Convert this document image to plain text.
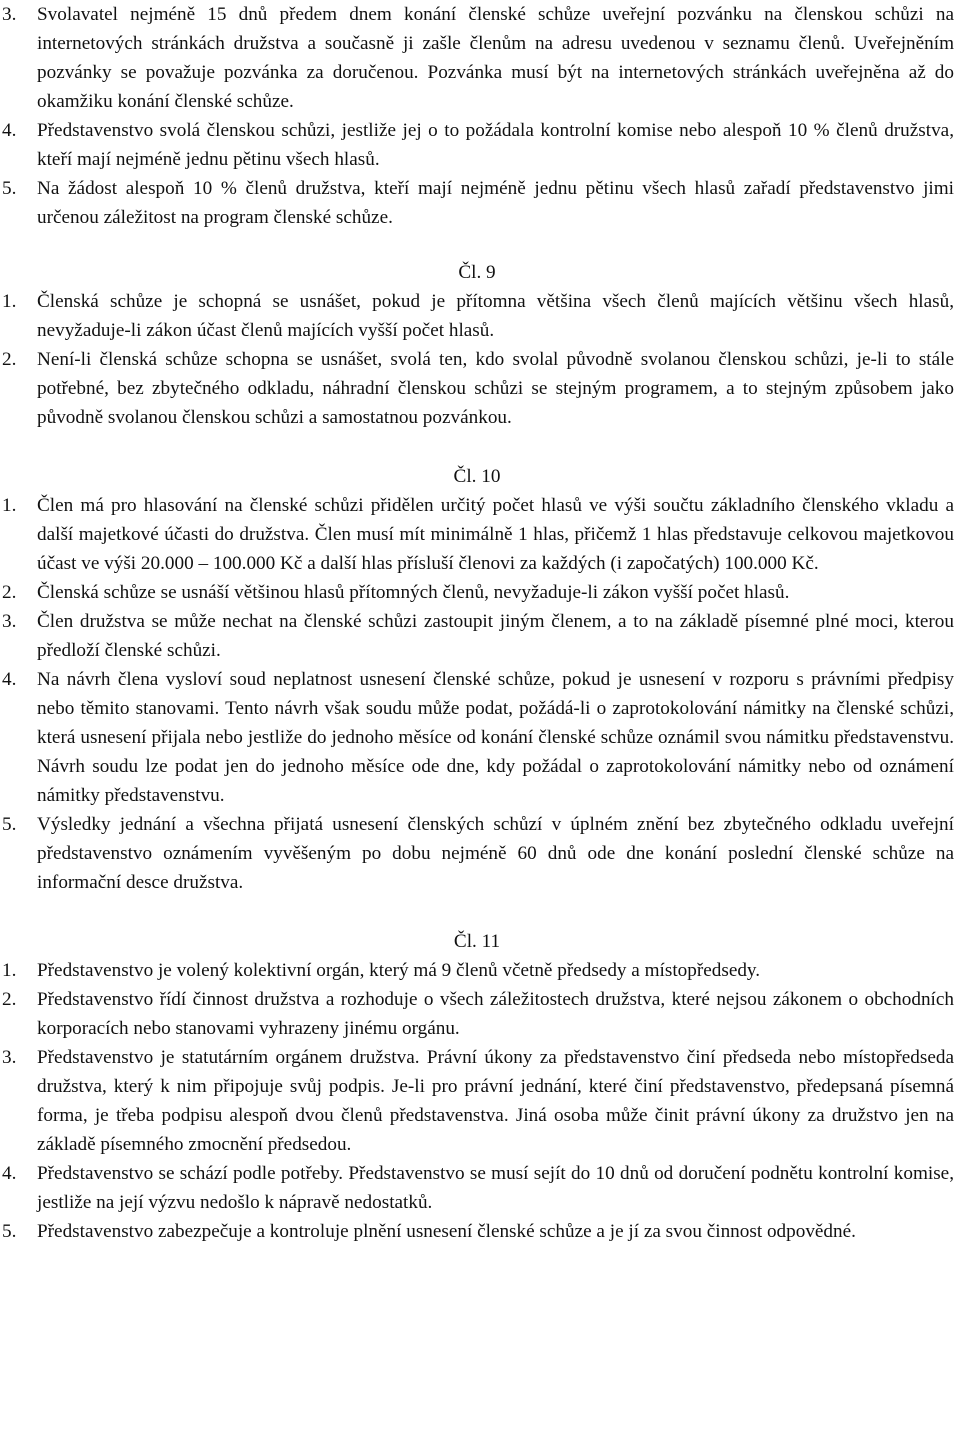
3.	Svolavatel nejméně 15 dnů předem dnem konání členské schůze uveřejní pozvánku na členskou schůzi na internetových stránkách družstva a současně ji zašle členům na adresu uvedenou v seznamu členů. Uveřejněním pozvánky se považuje pozvánka za doručenou. Pozvánka musí být na internetových stránkách uveřejněna až do okamžiku konání členské schůze.
4.	Představenstvo svolá členskou schůzi, jestliže jej o to požádala kontrolní komise nebo alespoň 10 % členů družstva, kteří mají nejméně jednu pětinu všech hlasů.
5.	Na žádost alespoň 10 % členů družstva, kteří mají nejméně jednu pětinu všech hlasů zařadí představenstvo jimi určenou záležitost na program členské schůze.

Čl. 9

1.	Členská schůze je schopná se usnášet, pokud je přítomna většina všech členů majících většinu všech hlasů, nevyžaduje-li zákon účast členů majících vyšší počet hlasů.
2.	Není-li členská schůze schopna se usnášet, svolá ten, kdo svolal původně svolanou členskou schůzi, je-li to stále potřebné, bez zbytečného odkladu, náhradní členskou schůzi se stejným programem, a to stejným způsobem jako původně svolanou členskou schůzi a samostatnou pozvánkou.

Čl. 10

1.	Člen má pro hlasování na členské schůzi přidělen určitý počet hlasů ve výši součtu základního členského vkladu a další majetkové účasti do družstva. Člen musí mít minimálně 1 hlas, přičemž 1 hlas představuje celkovou majetkovou účast ve výši 20.000 – 100.000 Kč a další hlas přísluší členovi za každých (i započatých) 100.000 Kč.
2.	Členská schůze se usnáší většinou hlasů přítomných členů, nevyžaduje-li zákon vyšší počet hlasů.
3.	Člen družstva se může nechat na členské schůzi zastoupit jiným členem, a to na základě písemné plné moci, kterou předloží členské schůzi.
4.	Na návrh člena vysloví soud neplatnost usnesení členské schůze, pokud je usnesení v rozporu s právními předpisy nebo těmito stanovami. Tento návrh však soudu může podat, požádá-li o zaprotokolování námitky na členské schůzi, která usnesení přijala nebo jestliže do jednoho měsíce od konání členské schůze oznámil svou námitku představenstvu. Návrh soudu lze podat jen do jednoho měsíce ode dne, kdy požádal o zaprotokolování námitky nebo od oznámení námitky představenstvu.
5.	Výsledky jednání a všechna přijatá usnesení členských schůzí v úplném znění bez zbytečného odkladu uveřejní představenstvo oznámením vyvěšeným po dobu nejméně 60 dnů ode dne konání poslední členské schůze na informační desce družstva.

Čl. 11

1.	Představenstvo je volený kolektivní orgán, který má 9 členů včetně předsedy a místopředsedy.
2.	Představenstvo řídí činnost družstva a rozhoduje o všech záležitostech družstva, které nejsou zákonem o obchodních korporacích nebo stanovami vyhrazeny jinému orgánu.
3.	Představenstvo je statutárním orgánem družstva. Právní úkony za představenstvo činí předseda nebo místopředseda družstva, který k nim připojuje svůj podpis. Je-li pro právní jednání, které činí představenstvo, předepsaná písemná forma, je třeba podpisu alespoň dvou členů představenstva. Jiná osoba může činit právní úkony za družstvo jen na základě písemného zmocnění předsedou.
4.	Představenstvo se schází podle potřeby. Představenstvo se musí sejít do 10 dnů od doručení podnětu kontrolní komise, jestliže na její výzvu nedošlo k nápravě nedostatků.
5.	Představenstvo zabezpečuje a kontroluje plnění usnesení členské schůze a je jí za svou činnost odpovědné.
